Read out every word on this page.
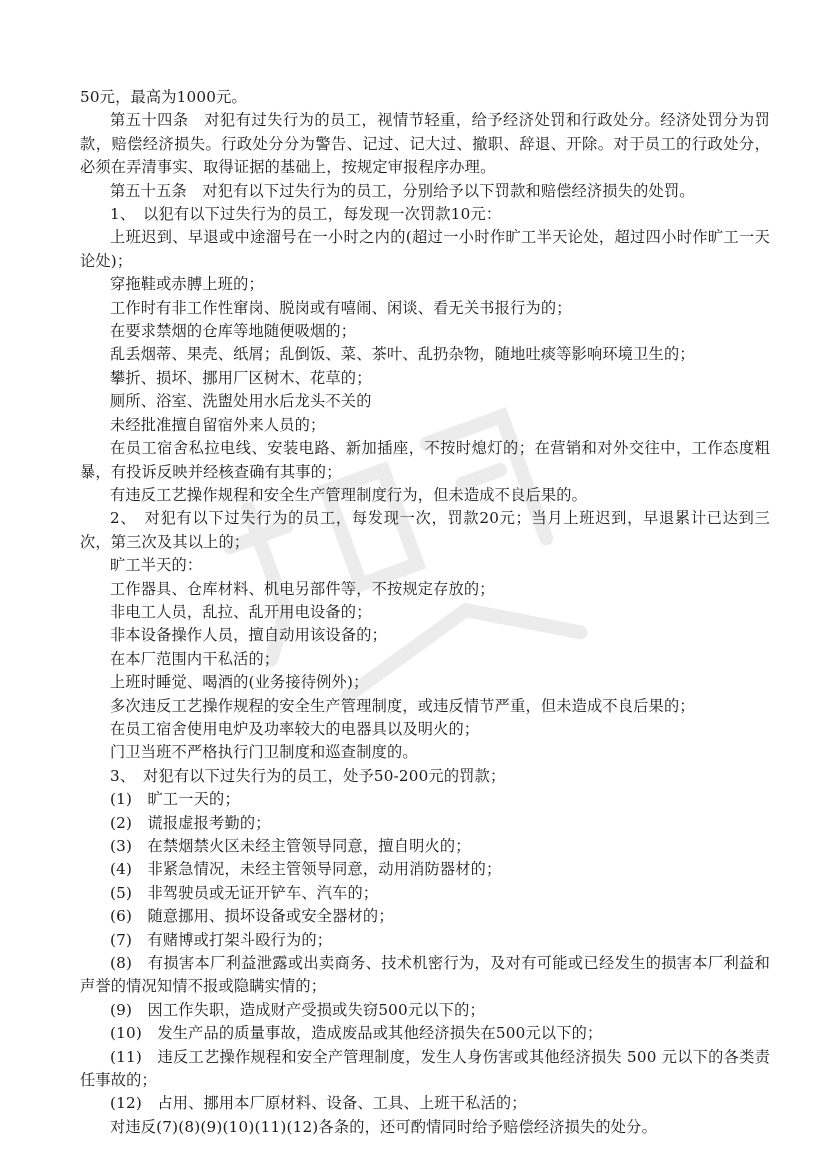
50元，最高为1000元。

第五十四条　对犯有过失行为的员工，视情节轻重，给予经济处罚和行政处分。经济处罚分为罚款，赔偿经济损失。行政处分分为警告、记过、记大过、撤职、辞退、开除。对于员工的行政处分，必须在弄清事实、取得证据的基础上，按规定审报程序办理。

第五十五条　对犯有以下过失行为的员工，分别给予以下罚款和赔偿经济损失的处罚。

1、　以犯有以下过失行为的员工，每发现一次罚款10元：

上班迟到、早退或中途溜号在一小时之内的(超过一小时作旷工半天论处，超过四小时作旷工一天论处)；

穿拖鞋或赤膊上班的；

工作时有非工作性窜岗、脱岗或有嘻闹、闲谈、看无关书报行为的；

在要求禁烟的仓库等地随便吸烟的；

乱丢烟蒂、果壳、纸屑；乱倒饭、菜、茶叶、乱扔杂物，随地吐痰等影响环境卫生的；

攀折、损坏、挪用厂区树木、花草的；

厕所、浴室、洗盥处用水后龙头不关的

未经批准擅自留宿外来人员的；

在员工宿舍私拉电线、安装电路、新加插座，不按时熄灯的；在营销和对外交往中，工作态度粗暴，有投诉反映并经核查确有其事的；

有违反工艺操作规程和安全生产管理制度行为，但未造成不良后果的。

2、　对犯有以下过失行为的员工，每发现一次，罚款20元；当月上班迟到，早退累计已达到三次，第三次及其以上的；

旷工半天的：

工作器具、仓库材料、机电另部件等，不按规定存放的；

非电工人员，乱拉、乱开用电设备的；

非本设备操作人员，擅自动用该设备的；

在本厂范围内干私活的；

上班时睡觉、喝酒的(业务接待例外)；

多次违反工艺操作规程的安全生产管理制度，或违反情节严重，但未造成不良后果的；

在员工宿舍使用电炉及功率较大的电器具以及明火的；

门卫当班不严格执行门卫制度和巡查制度的。

3、　对犯有以下过失行为的员工，处予50-200元的罚款；

(1)　旷工一天的；

(2)　谎报虚报考勤的；

(3)　在禁烟禁火区未经主管领导同意，擅自明火的；

(4)　非紧急情况，未经主管领导同意，动用消防器材的；

(5)　非驾驶员或无证开铲车、汽车的；

(6)　随意挪用、损坏设备或安全器材的；

(7)　有赌博或打架斗殴行为的；

(8)　有损害本厂利益泄露或出卖商务、技术机密行为，及对有可能或已经发生的损害本厂利益和声誉的情况知情不报或隐瞒实情的；

(9)　因工作失职，造成财产受损或失窃500元以下的；

(10)　发生产品的质量事故，造成废品或其他经济损失在500元以下的；

(11)　违反工艺操作规程和安全产管理制度，发生人身伤害或其他经济损失 500 元以下的各类责任事故的；

(12)　占用、挪用本厂原材料、设备、工具、上班干私活的；

对违反(7)(8)(9)(10)(11)(12)各条的，还可酌情同时给予赔偿经济损失的处分。
